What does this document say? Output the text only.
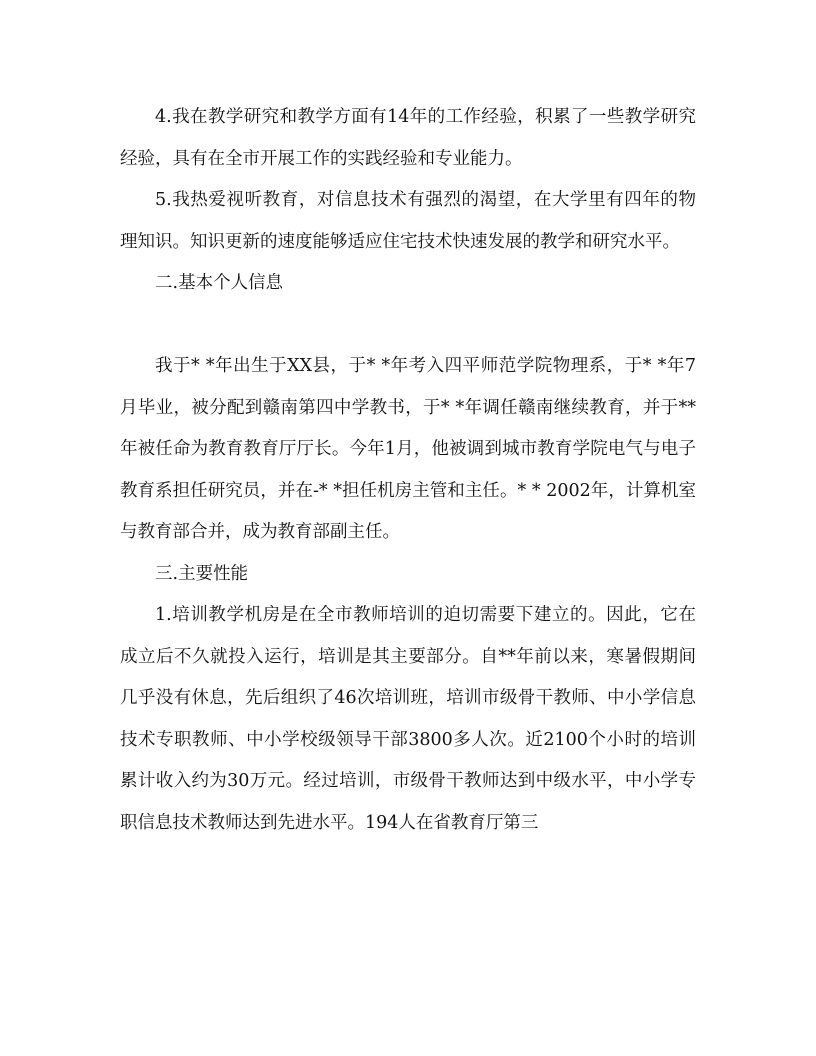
4.我在教学研究和教学方面有14年的工作经验，积累了一些教学研究经验，具有在全市开展工作的实践经验和专业能力。

5.我热爱视听教育，对信息技术有强烈的渴望，在大学里有四年的物理知识。知识更新的速度能够适应住宅技术快速发展的教学和研究水平。

二.基本个人信息

我于* *年出生于XX县，于* *年考入四平师范学院物理系，于* *年7月毕业，被分配到赣南第四中学教书，于* *年调任赣南继续教育，并于**年被任命为教育教育厅厅长。今年1月，他被调到城市教育学院电气与电子教育系担任研究员，并在-* *担任机房主管和主任。* * 2002年，计算机室与教育部合并，成为教育部副主任。

三.主要性能

1.培训教学机房是在全市教师培训的迫切需要下建立的。因此，它在成立后不久就投入运行，培训是其主要部分。自**年前以来，寒暑假期间几乎没有休息，先后组织了46次培训班，培训市级骨干教师、中小学信息技术专职教师、中小学校级领导干部3800多人次。近2100个小时的培训累计收入约为30万元。经过培训，市级骨干教师达到中级水平，中小学专职信息技术教师达到先进水平。194人在省教育厅第三
